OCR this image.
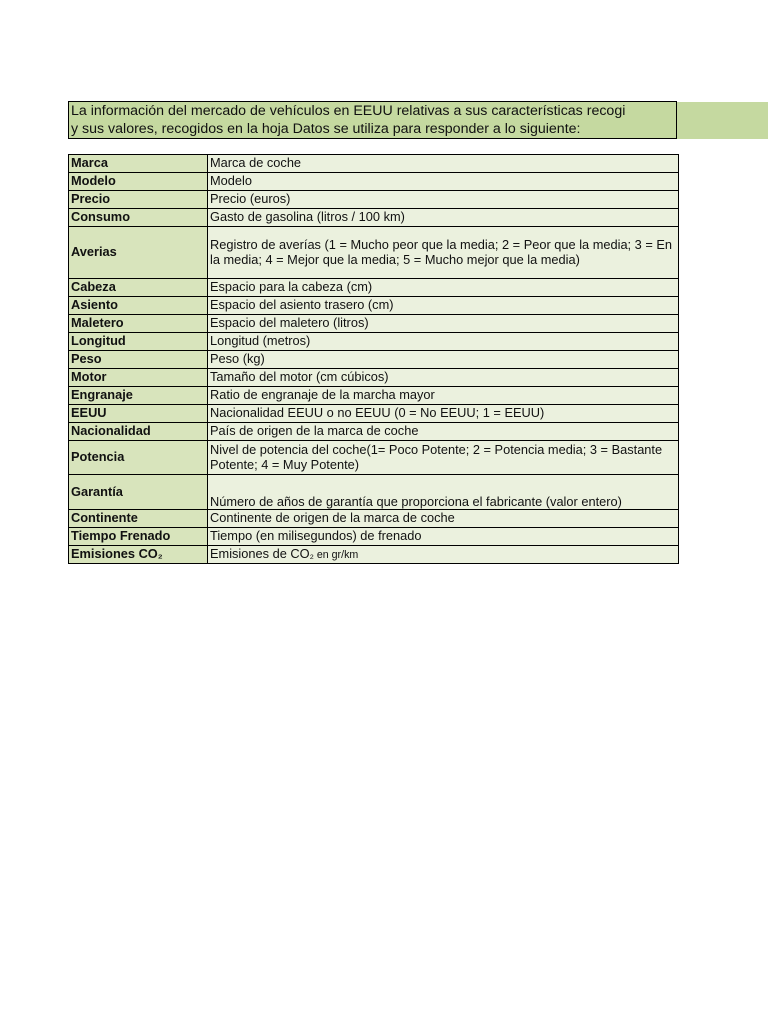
La información del mercado de vehículos en EEUU relativas a sus características recogi
y sus valores, recogidos en la hoja Datos se utiliza para responder a lo siguiente:
Marca	Marca de coche
Modelo	Modelo
Precio	Precio (euros)
Consumo	Gasto de gasolina (litros / 100 km)
Averias	Registro de averías (1 = Mucho peor que la media; 2 = Peor que la media; 3 = En la media; 4 = Mejor que la media; 5 = Mucho mejor que la media)
Cabeza	Espacio para la cabeza (cm)
Asiento	Espacio del asiento trasero (cm)
Maletero	Espacio del maletero (litros)
Longitud	Longitud (metros)
Peso	Peso (kg)
Motor	Tamaño del motor (cm cúbicos)
Engranaje	Ratio de engranaje de la marcha mayor
EEUU	Nacionalidad EEUU o no EEUU (0 = No EEUU; 1 = EEUU)
Nacionalidad	País de origen de la marca de coche
Potencia	Nivel de potencia del coche(1= Poco Potente; 2 = Potencia media; 3 = Bastante Potente; 4 = Muy Potente)
Garantía	Número de años de garantía que proporciona el fabricante (valor entero)
Continente	Continente de origen de la marca de coche
Tiempo Frenado	Tiempo (en milisegundos) de frenado
Emisiones CO₂	Emisiones de CO₂ en gr/km
